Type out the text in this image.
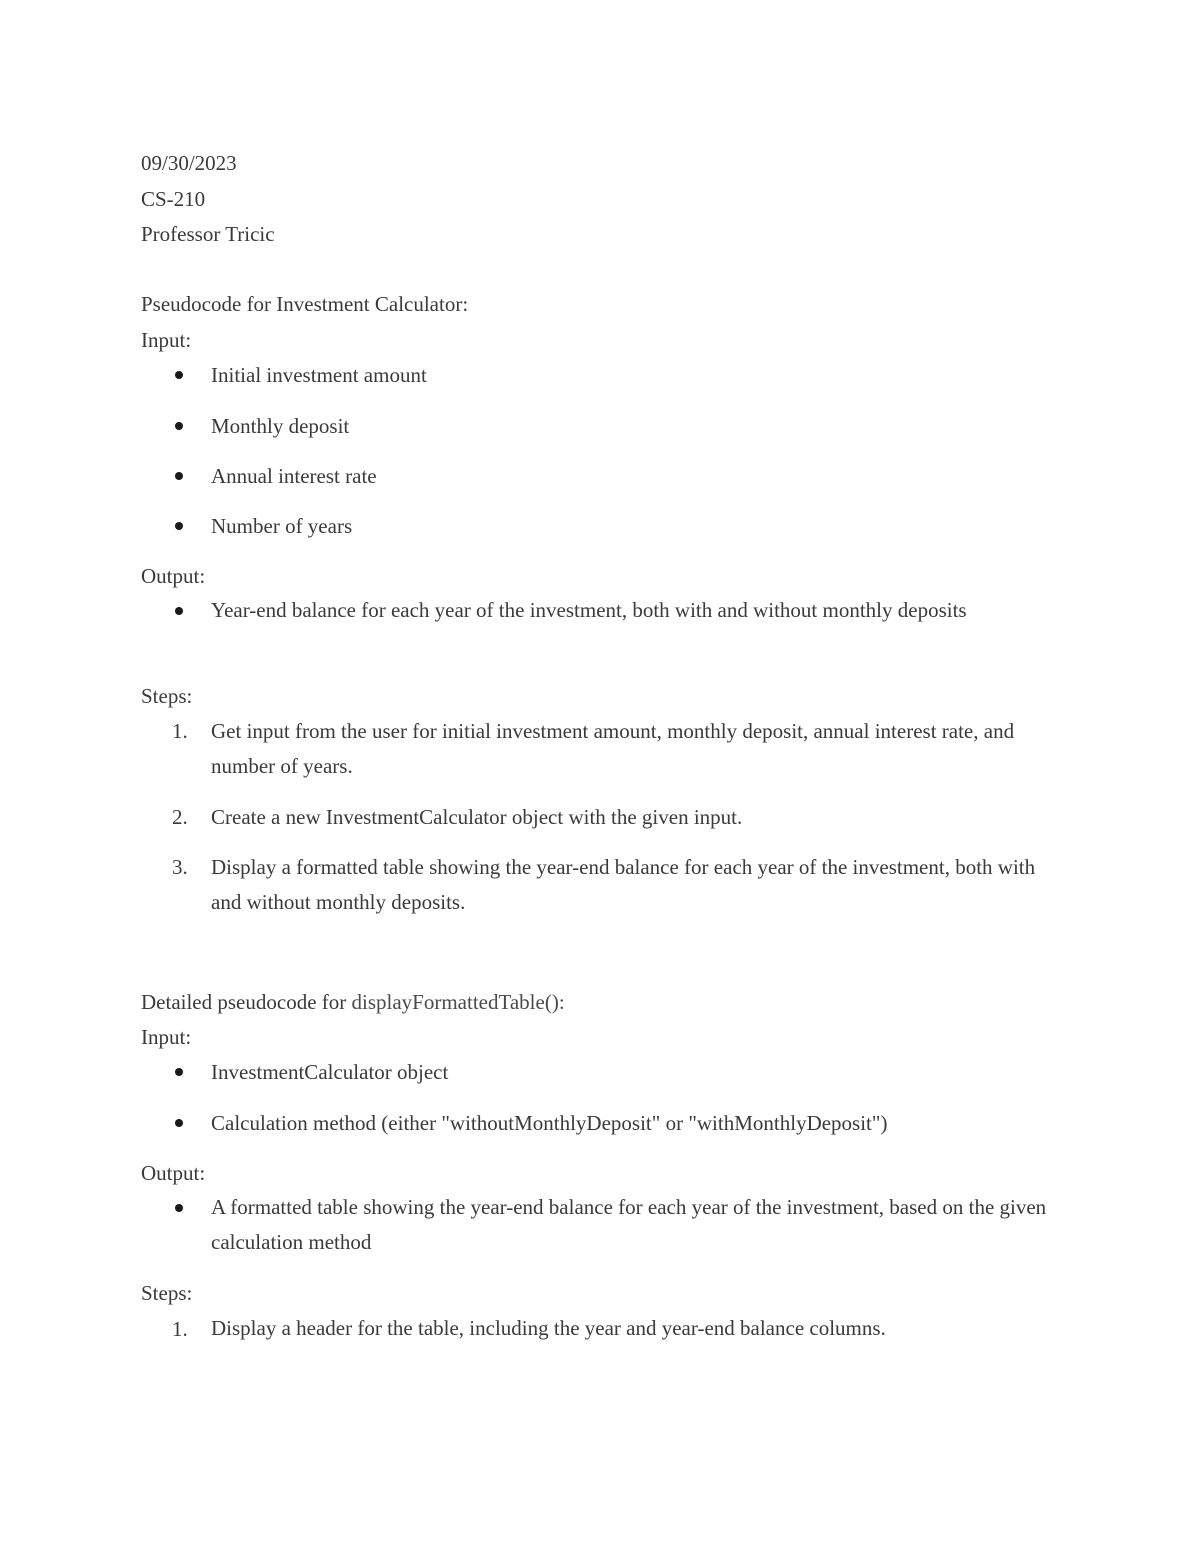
09/30/2023
CS-210
Professor Tricic
Pseudocode for Investment Calculator:
Input:
Initial investment amount
Monthly deposit
Annual interest rate
Number of years
Output:
Year-end balance for each year of the investment, both with and without monthly deposits
Steps:
1.	Get input from the user for initial investment amount, monthly deposit, annual interest rate, and number of years.
2.	Create a new InvestmentCalculator object with the given input.
3.	Display a formatted table showing the year-end balance for each year of the investment, both with and without monthly deposits.
Detailed pseudocode for displayFormattedTable():
Input:
InvestmentCalculator object
Calculation method (either "withoutMonthlyDeposit" or "withMonthlyDeposit")
Output:
A formatted table showing the year-end balance for each year of the investment, based on the given calculation method
Steps:
1.	Display a header for the table, including the year and year-end balance columns.
